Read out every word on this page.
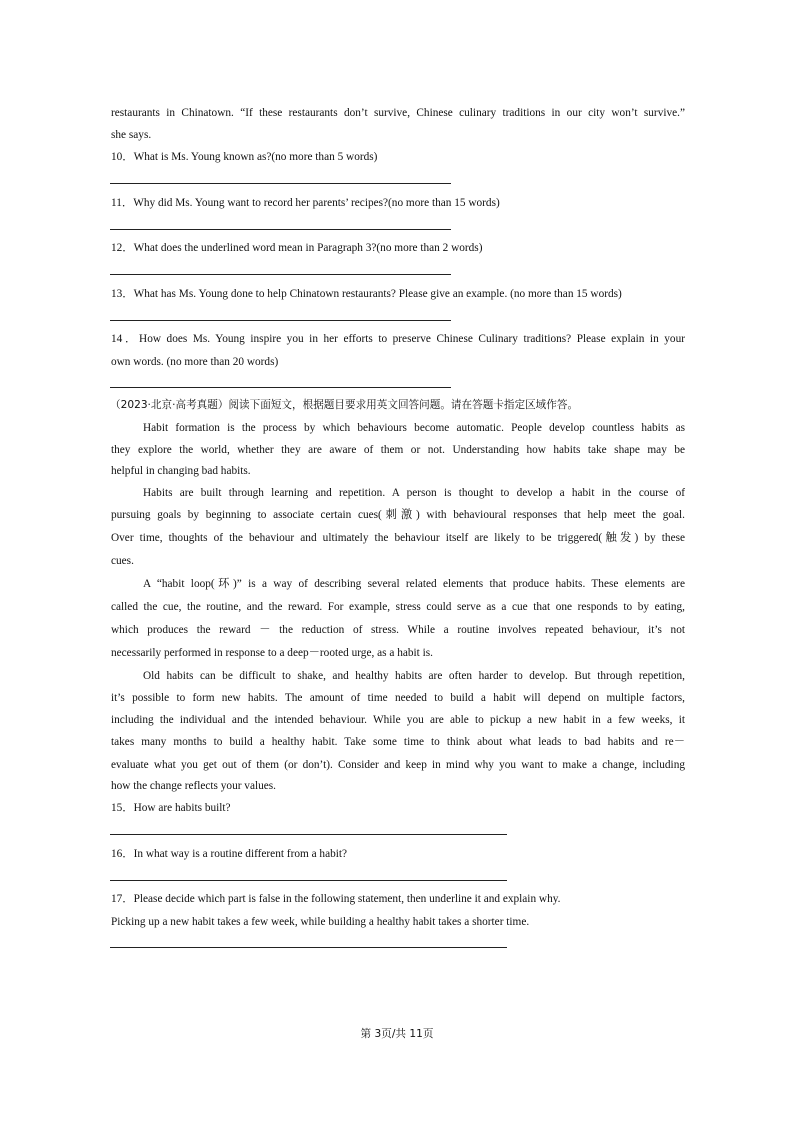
restaurants in Chinatown. “If these restaurants don’t survive, Chinese culinary traditions in our city won’t survive.”
she says.
10．What is Ms. Young known as?(no more than 5 words)
11．Why did Ms. Young want to record her parents’ recipes?(no more than 15 words)
12．What does the underlined word mean in Paragraph 3?(no more than 2 words)
13．What has Ms. Young done to help Chinatown restaurants? Please give an example. (no more than 15 words)
14．How does Ms. Young inspire you in her efforts to preserve Chinese Culinary traditions? Please explain in your
own words. (no more than 20 words)
（2023·北京·高考真题）阅读下面短文，根据题目要求用英文回答问题。请在答题卡指定区域作答。
Habit formation is the process by which behaviours become automatic. People develop countless habits as
they explore the world, whether they are aware of them or not. Understanding how habits take shape may be
helpful in changing bad habits.
Habits are built through learning and repetition. A person is thought to develop a habit in the course of
pursuing goals by beginning to associate certain cues(刺激) with behavioural responses that help meet the goal.
Over time, thoughts of the behaviour and ultimately the behaviour itself are likely to be triggered(触发) by these
cues.
A “habit loop(环)” is a way of describing several related elements that produce habits. These elements are
called the cue, the routine, and the reward. For example, stress could serve as a cue that one responds to by eating,
which produces the reward － the reduction of stress. While a routine involves repeated behaviour, it’s not
necessarily performed in response to a deep－rooted urge, as a habit is.
Old habits can be difficult to shake, and healthy habits are often harder to develop. But through repetition,
it’s possible to form new habits. The amount of time needed to build a habit will depend on multiple factors,
including the individual and the intended behaviour. While you are able to pickup a new habit in a few weeks, it
takes many months to build a healthy habit. Take some time to think about what leads to bad habits and re－
evaluate what you get out of them (or don’t). Consider and keep in mind why you want to make a change, including
how the change reflects your values.
15．How are habits built?
16．In what way is a routine different from a habit?
17．Please decide which part is false in the following statement, then underline it and explain why.
Picking up a new habit takes a few week, while building a healthy habit takes a shorter time.
第 3页/共 11页
